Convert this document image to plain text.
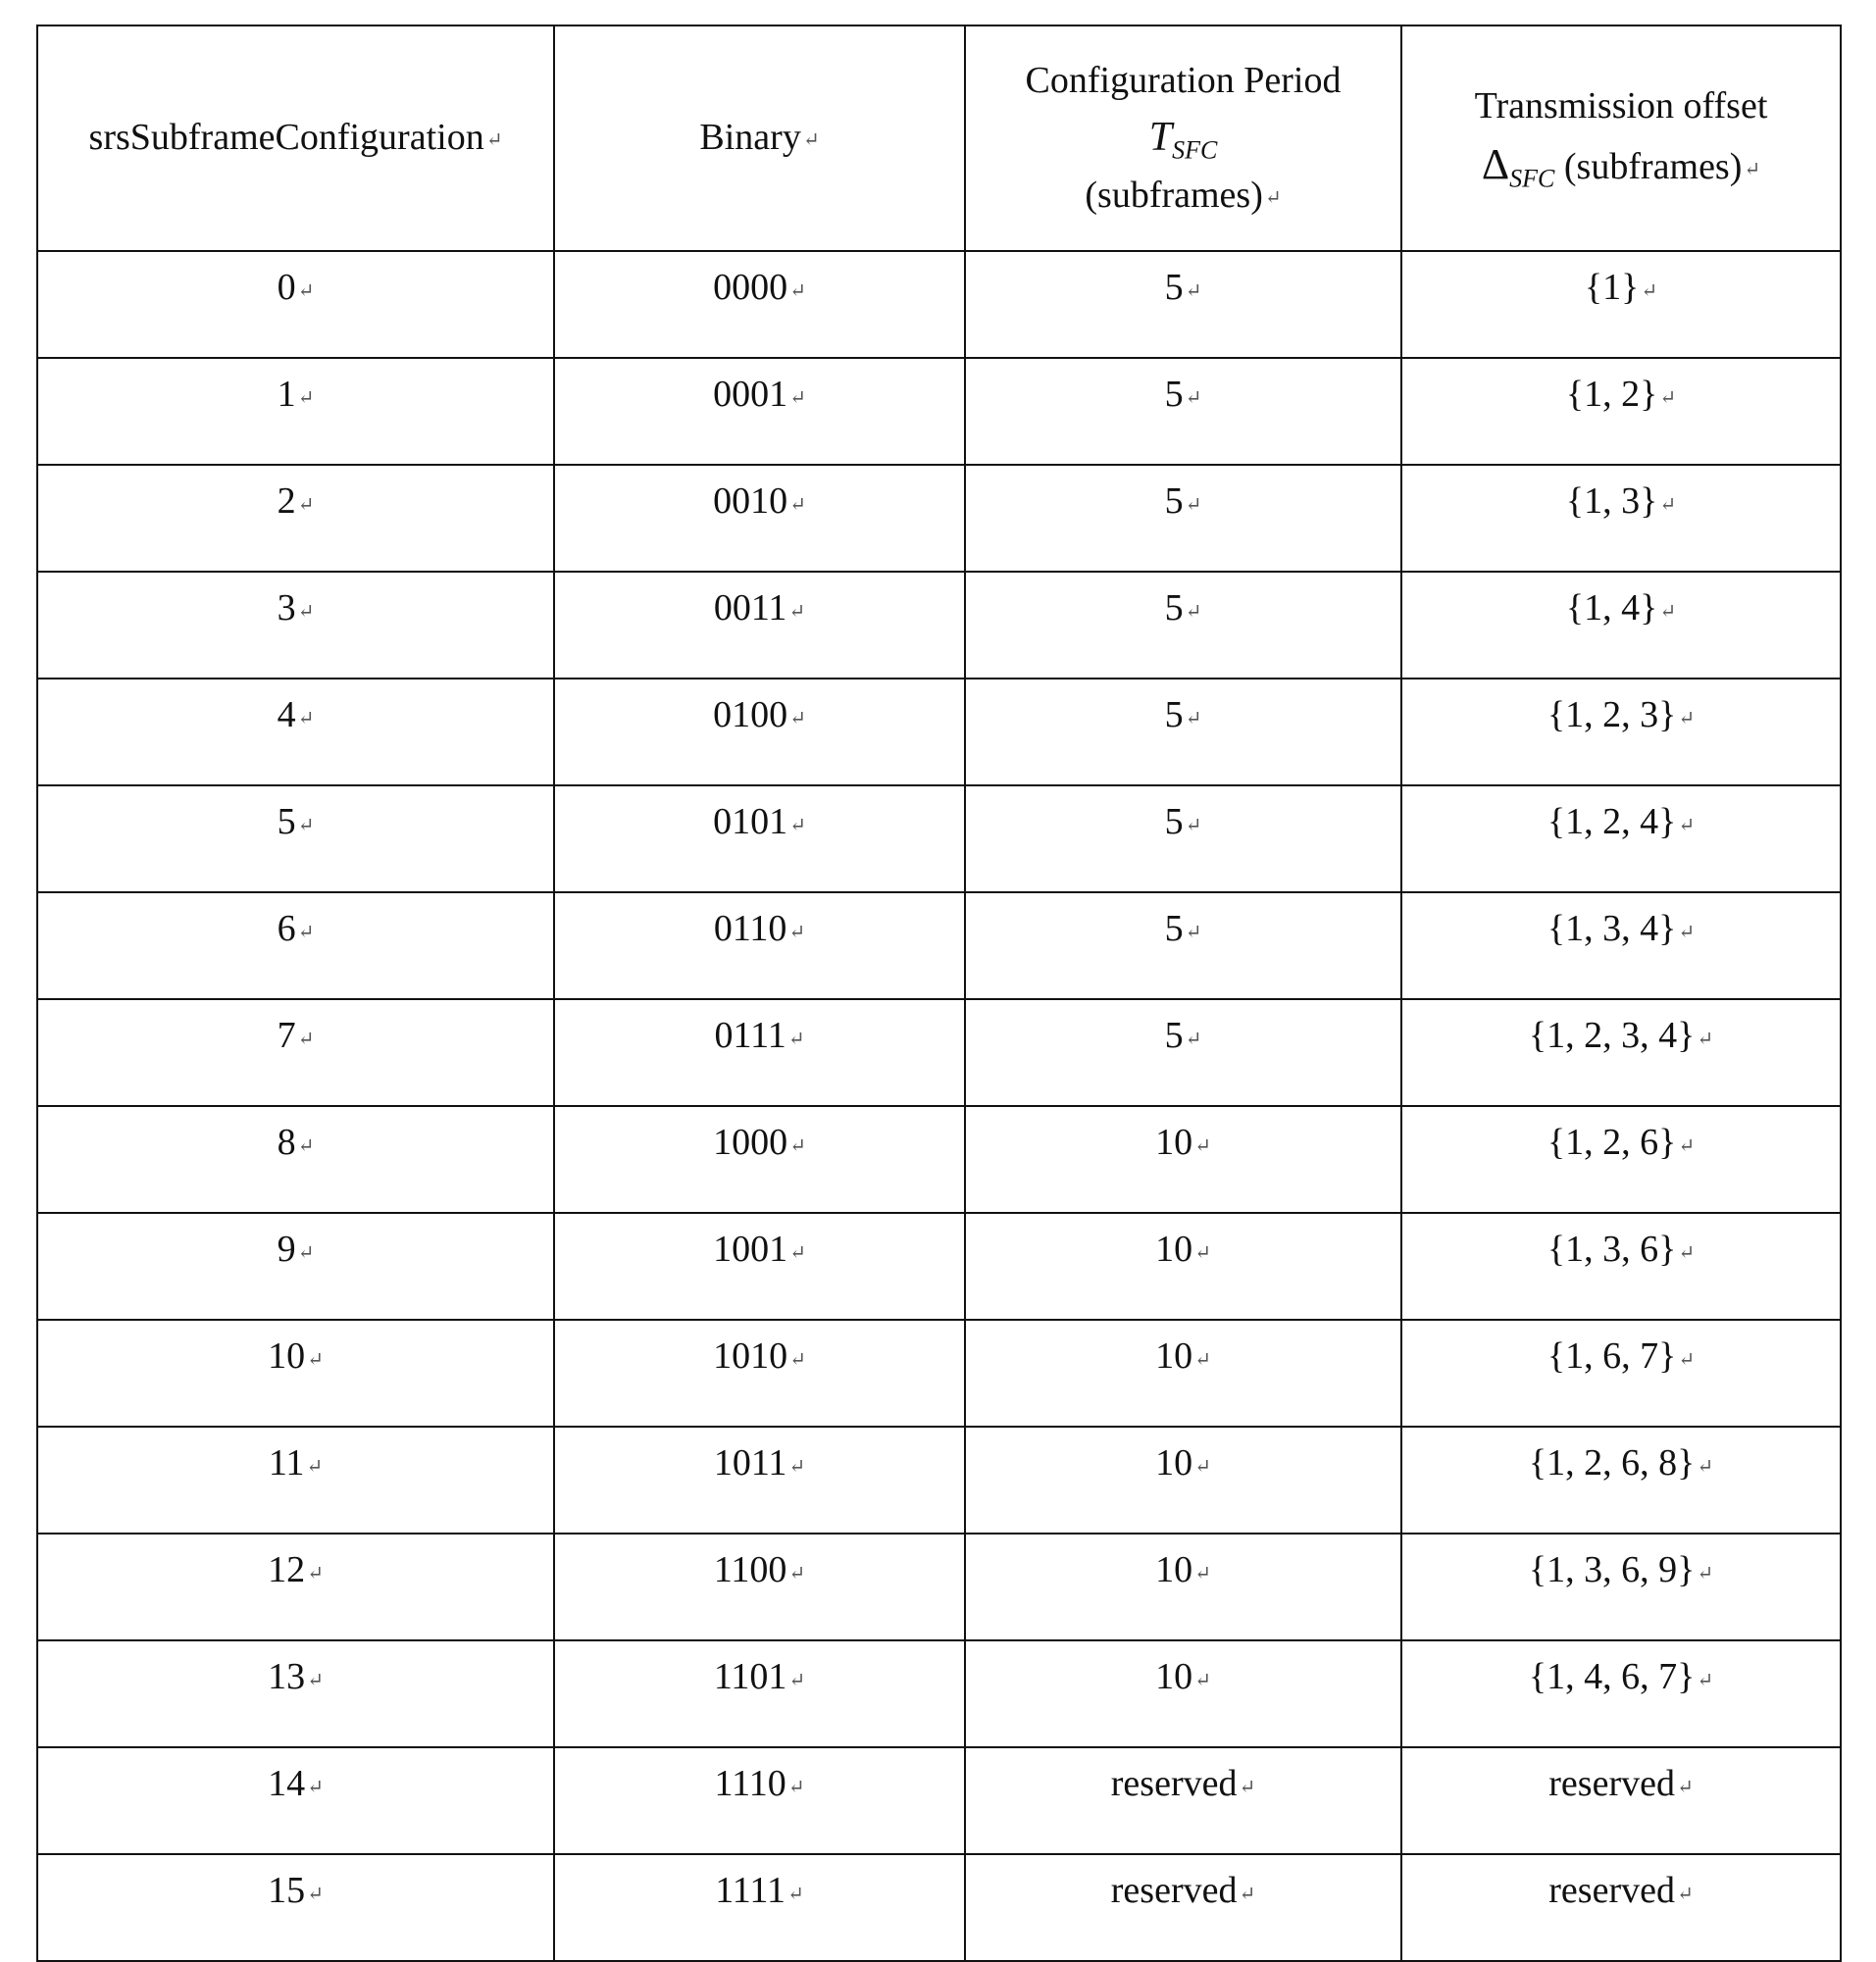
srsSubframeConfiguration ↵	Binary ↵	
Configuration Period
TSFC
(subframes) ↵

Transmission offset
ΔSFC (subframes) ↵

0 ↵	0000 ↵	5 ↵	{1} ↵
1 ↵	0001 ↵	5 ↵	{1, 2} ↵
2 ↵	0010 ↵	5 ↵	{1, 3} ↵
3 ↵	0011 ↵	5 ↵	{1, 4} ↵
4 ↵	0100 ↵	5 ↵	{1, 2, 3} ↵
5 ↵	0101 ↵	5 ↵	{1, 2, 4} ↵
6 ↵	0110 ↵	5 ↵	{1, 3, 4} ↵
7 ↵	0111 ↵	5 ↵	{1, 2, 3, 4} ↵
8 ↵	1000 ↵	10 ↵	{1, 2, 6} ↵
9 ↵	1001 ↵	10 ↵	{1, 3, 6} ↵
10 ↵	1010 ↵	10 ↵	{1, 6, 7} ↵
11 ↵	1011 ↵	10 ↵	{1, 2, 6, 8} ↵
12 ↵	1100 ↵	10 ↵	{1, 3, 6, 9} ↵
13 ↵	1101 ↵	10 ↵	{1, 4, 6, 7} ↵
14 ↵	1110 ↵	reserved ↵	reserved ↵
15 ↵	1111 ↵	reserved ↵	reserved ↵
